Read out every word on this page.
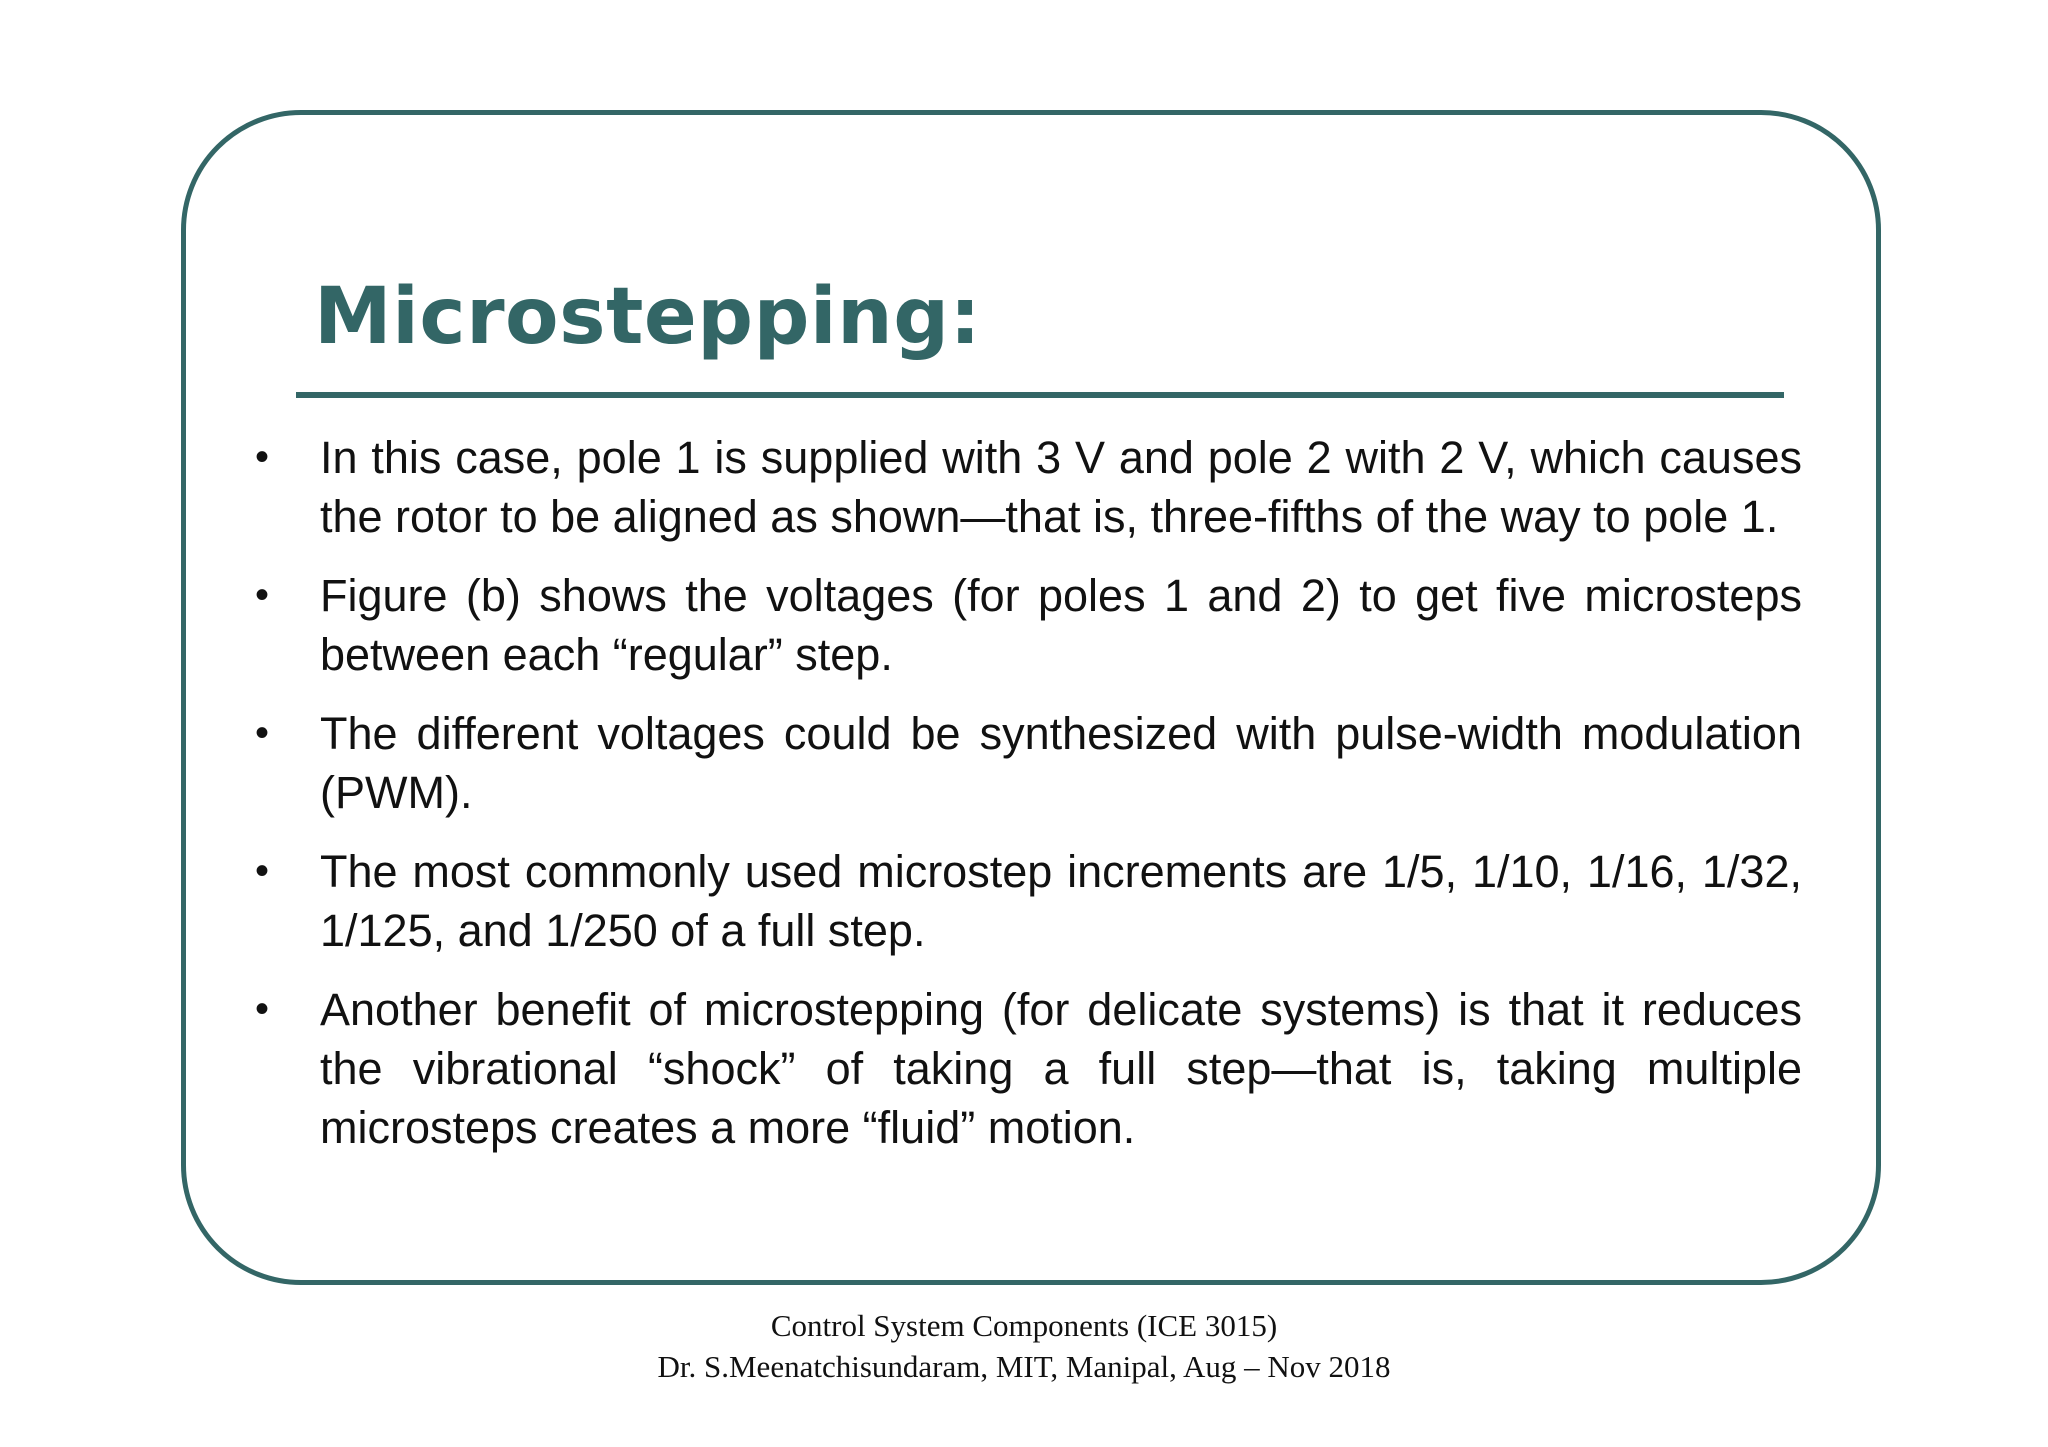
Microstepping:
• In this case, pole 1 is supplied with 3 V and pole 2 with 2 V, which causes the rotor to be aligned as shown—that is, three-fifths of the way to pole 1.
• Figure (b) shows the voltages (for poles 1 and 2) to get five microsteps between each “regular” step.
• The different voltages could be synthesized with pulse-width modulation (PWM).
• The most commonly used microstep increments are 1/5, 1/10, 1/16, 1/32, 1/125, and 1/250 of a full step.
• Another benefit of microstepping (for delicate systems) is that it reduces the vibrational “shock” of taking a full step—that is, taking multiple microsteps creates a more “fluid” motion.
Control System Components (ICE 3015)
Dr. S.Meenatchisundaram, MIT, Manipal, Aug – Nov 2018
